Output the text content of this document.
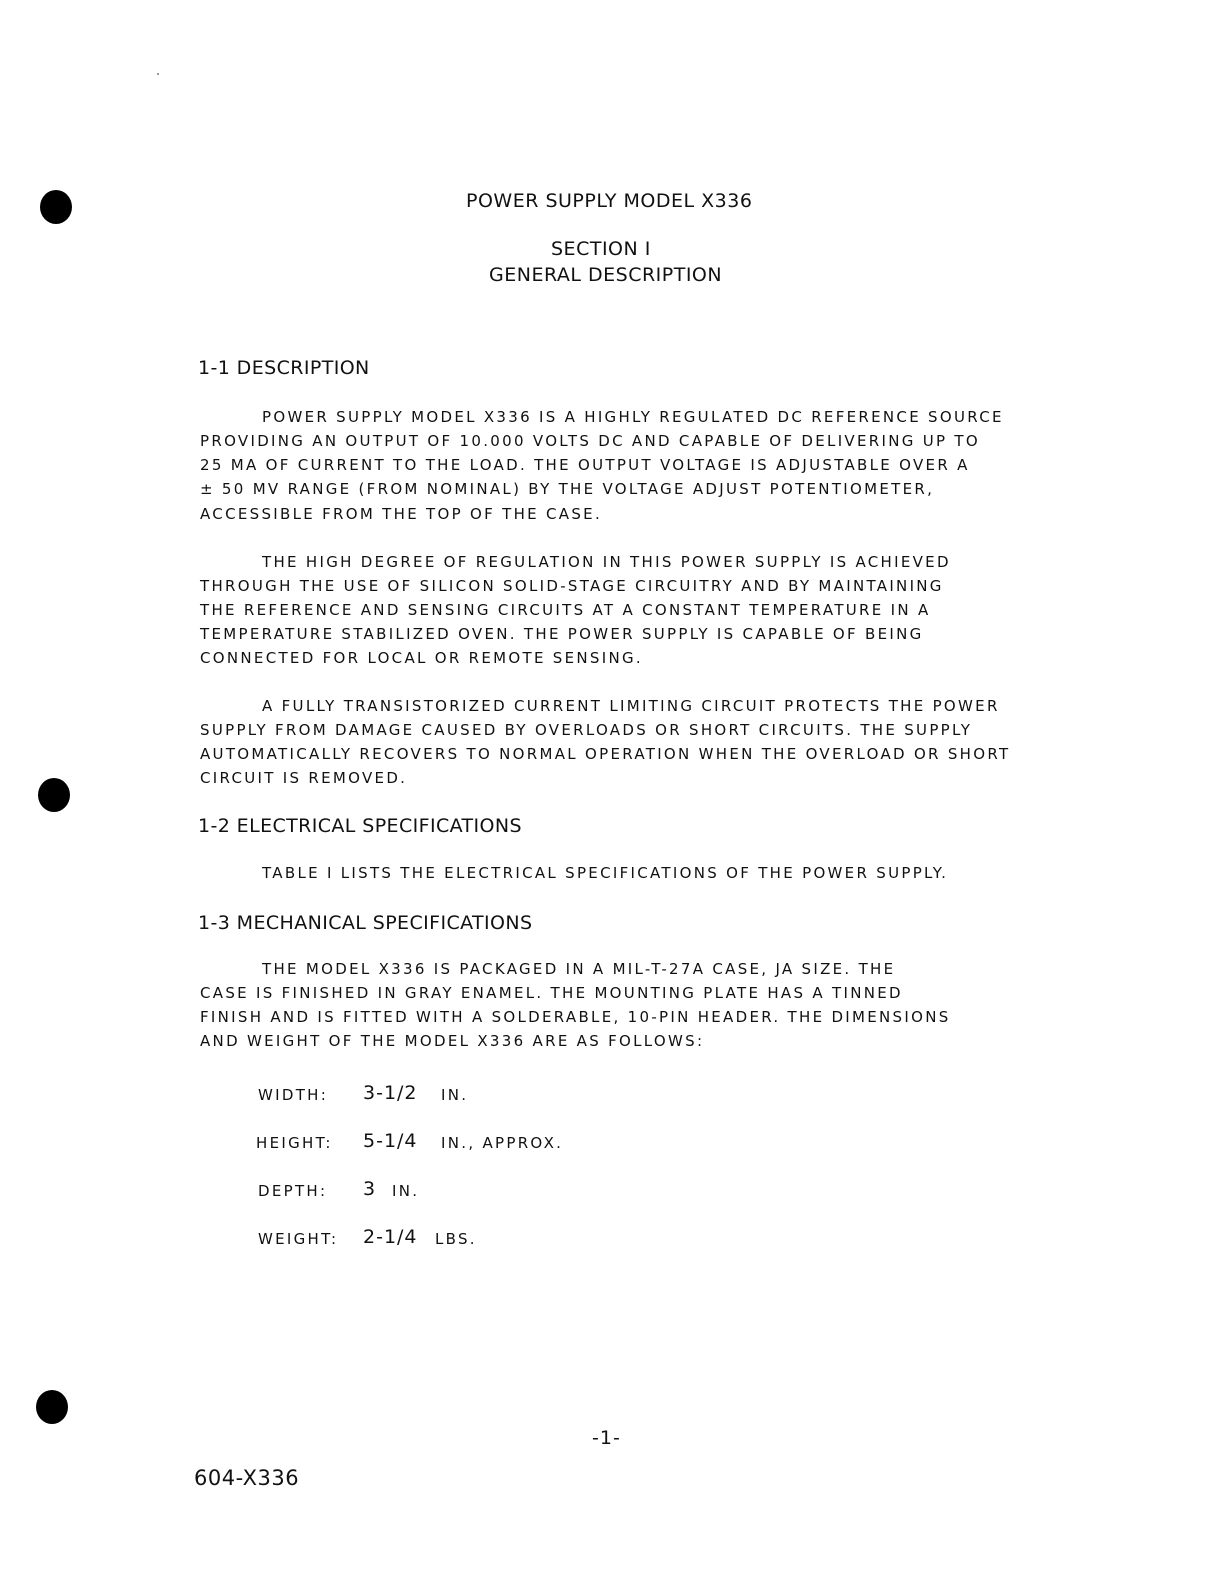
POWER SUPPLY MODEL X336
SECTION I
GENERAL DESCRIPTION
1-1 DESCRIPTION
POWER SUPPLY MODEL X336 IS A HIGHLY REGULATED DC REFERENCE SOURCE
PROVIDING AN OUTPUT OF 10.000 VOLTS DC AND CAPABLE OF DELIVERING UP TO
25 MA OF CURRENT TO THE LOAD. THE OUTPUT VOLTAGE IS ADJUSTABLE OVER A
± 50 MV RANGE (FROM NOMINAL) BY THE VOLTAGE ADJUST POTENTIOMETER,
ACCESSIBLE FROM THE TOP OF THE CASE.
THE HIGH DEGREE OF REGULATION IN THIS POWER SUPPLY IS ACHIEVED
THROUGH THE USE OF SILICON SOLID-STAGE CIRCUITRY AND BY MAINTAINING
THE REFERENCE AND SENSING CIRCUITS AT A CONSTANT TEMPERATURE IN A
TEMPERATURE STABILIZED OVEN. THE POWER SUPPLY IS CAPABLE OF BEING
CONNECTED FOR LOCAL OR REMOTE SENSING.
A FULLY TRANSISTORIZED CURRENT LIMITING CIRCUIT PROTECTS THE POWER
SUPPLY FROM DAMAGE CAUSED BY OVERLOADS OR SHORT CIRCUITS. THE SUPPLY
AUTOMATICALLY RECOVERS TO NORMAL OPERATION WHEN THE OVERLOAD OR SHORT
CIRCUIT IS REMOVED.
1-2 ELECTRICAL SPECIFICATIONS
TABLE I LISTS THE ELECTRICAL SPECIFICATIONS OF THE POWER SUPPLY.
1-3 MECHANICAL SPECIFICATIONS
THE MODEL X336 IS PACKAGED IN A MIL-T-27A CASE, JA SIZE. THE
CASE IS FINISHED IN GRAY ENAMEL. THE MOUNTING PLATE HAS A TINNED
FINISH AND IS FITTED WITH A SOLDERABLE, 10-PIN HEADER. THE DIMENSIONS
AND WEIGHT OF THE MODEL X336 ARE AS FOLLOWS:
WIDTH: 3-1/2 IN.
HEIGHT: 5-1/4 IN., APPROX.
DEPTH: 3 IN.
WEIGHT: 2-1/4 LBS.
-1-
604-X336
